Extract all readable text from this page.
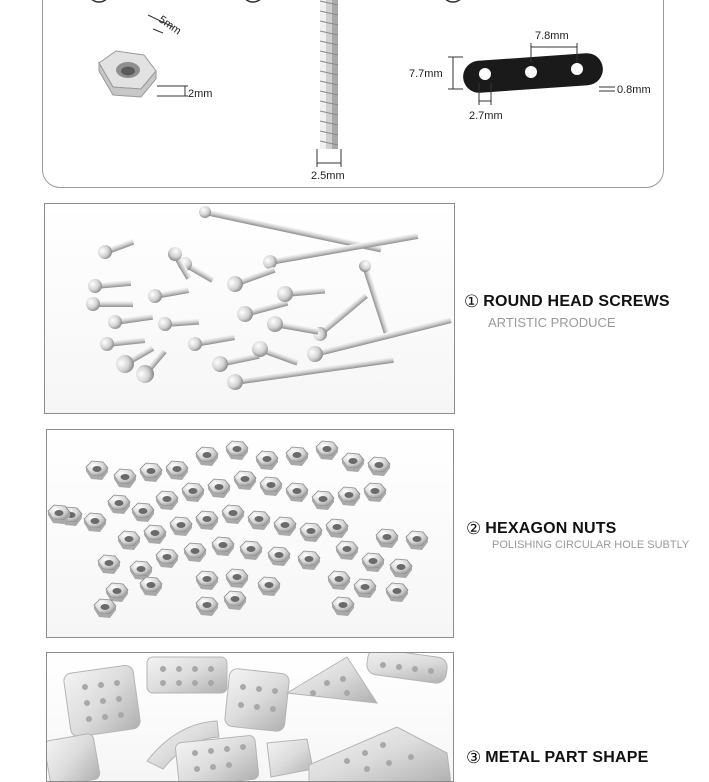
5mm
2mm
2.5mm
7.8mm
7.7mm
0.8mm
2.7mm
① ROUND HEAD SCREWS
ARTISTIC PRODUCE
② HEXAGON NUTS
POLISHING CIRCULAR HOLE SUBTLY
③ METAL PART SHAPE
